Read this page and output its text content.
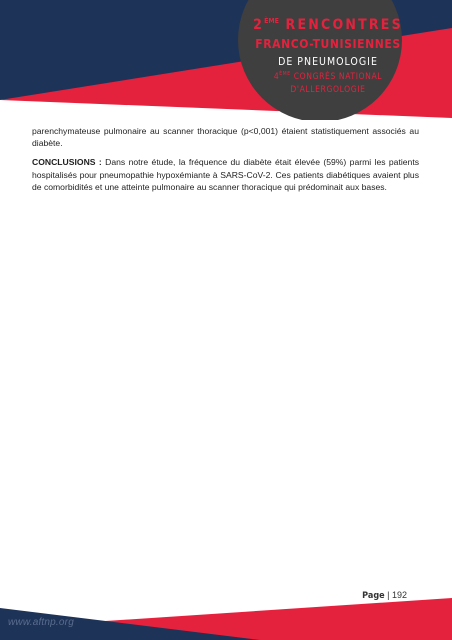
2ÈME RENCONTRES
FRANCO-TUNISIENNES
DE PNEUMOLOGIE
4ÈME CONGRÈS NATIONAL
D'ALLERGOLOGIE

parenchymateuse pulmonaire au scanner thoracique (p<0,001) étaient statistiquement associés au diabète.

CONCLUSIONS : Dans notre étude, la fréquence du diabète était élevée (59%) parmi les patients hospitalisés pour pneumopathie hypoxémiante à SARS-CoV-2. Ces patients diabétiques avaient plus de comorbidités et une atteinte pulmonaire au scanner thoracique qui prédominait aux bases.

Page | 192
www.aftnp.org
